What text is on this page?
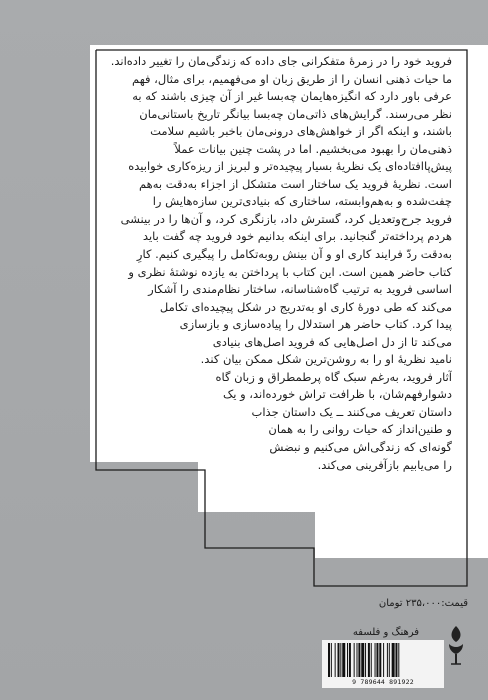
فروید خود را در زمرهٔ متفکرانی جای داده که زندگی‌مان را تغییر داده‌اند.
ما حیات ذهنی انسان را از طریق زبان او می‌فهمیم، برای مثال، فهم
عرفی باور دارد که انگیزه‌هایمان چه‌بسا غیر از آن چیزی باشند که به
نظر می‌رسند. گرایش‌های ذاتی‌مان چه‌بسا بیانگر تاریخ باستانی‌مان
باشند، و اینکه اگر از خواهش‌های درونی‌مان باخبر باشیم سلامت
ذهنی‌مان را بهبود می‌بخشیم. اما در پشت چنین بیانات عملاً
پیش‌پاافتاده‌ای یک نظریهٔ بسیار پیچیده‌تر و لبریز از ریزه‌کاری خوابیده
است. نظریهٔ فروید یک ساختار است متشکل از اجزاء به‌دقت به‌هم
چفت‌شده و به‌هم‌وابسته، ساختاری که بنیادی‌ترین سازه‌هایش را
فروید جرح‌وتعدیل کرد، گسترش داد، بازنگری کرد، و آن‌ها را در بینشی
هردم پرداخته‌تر گنجانید. برای اینکه بدانیم خود فروید چه گفت باید
به‌دقت ردّ فرایند کاری او و آن بینش روبه‌تکامل را پیگیری کنیم. کارِ
کتاب حاضر همین است. این کتاب با پرداختن به یازده نوشتهٔ نظری و
اساسی فروید به ترتیب گاه‌شناسانه، ساختار نظام‌مندی را آشکار
می‌کند که طی دورهٔ کاری او به‌تدریج در شکل پیچیده‌ای تکامل
پیدا کرد. کتاب حاضر هر استدلال را پیاده‌سازی و بازسازی
می‌کند تا از دل اصل‌هایی که فروید اصل‌های بنیادی
نامید نظریهٔ او را به روشن‌ترین شکل ممکن بیان کند.
آثار فروید، به‌رغم سبک گاه پرطمطراق و زبان گاه
دشوارفهم‌شان، با ظرافت تراش خورده‌اند، و یک
داستان تعریف می‌کنند ــ یک داستان جذاب
و طنین‌انداز که حیات روانی را به همان
گونه‌ای که زندگی‌اش می‌کنیم و نبضش
را می‌یابیم بازآفرینی می‌کند.
قیمت:۲۳۵،۰۰۰ تومان
فرهنگ و فلسفه
9 789644 891922
